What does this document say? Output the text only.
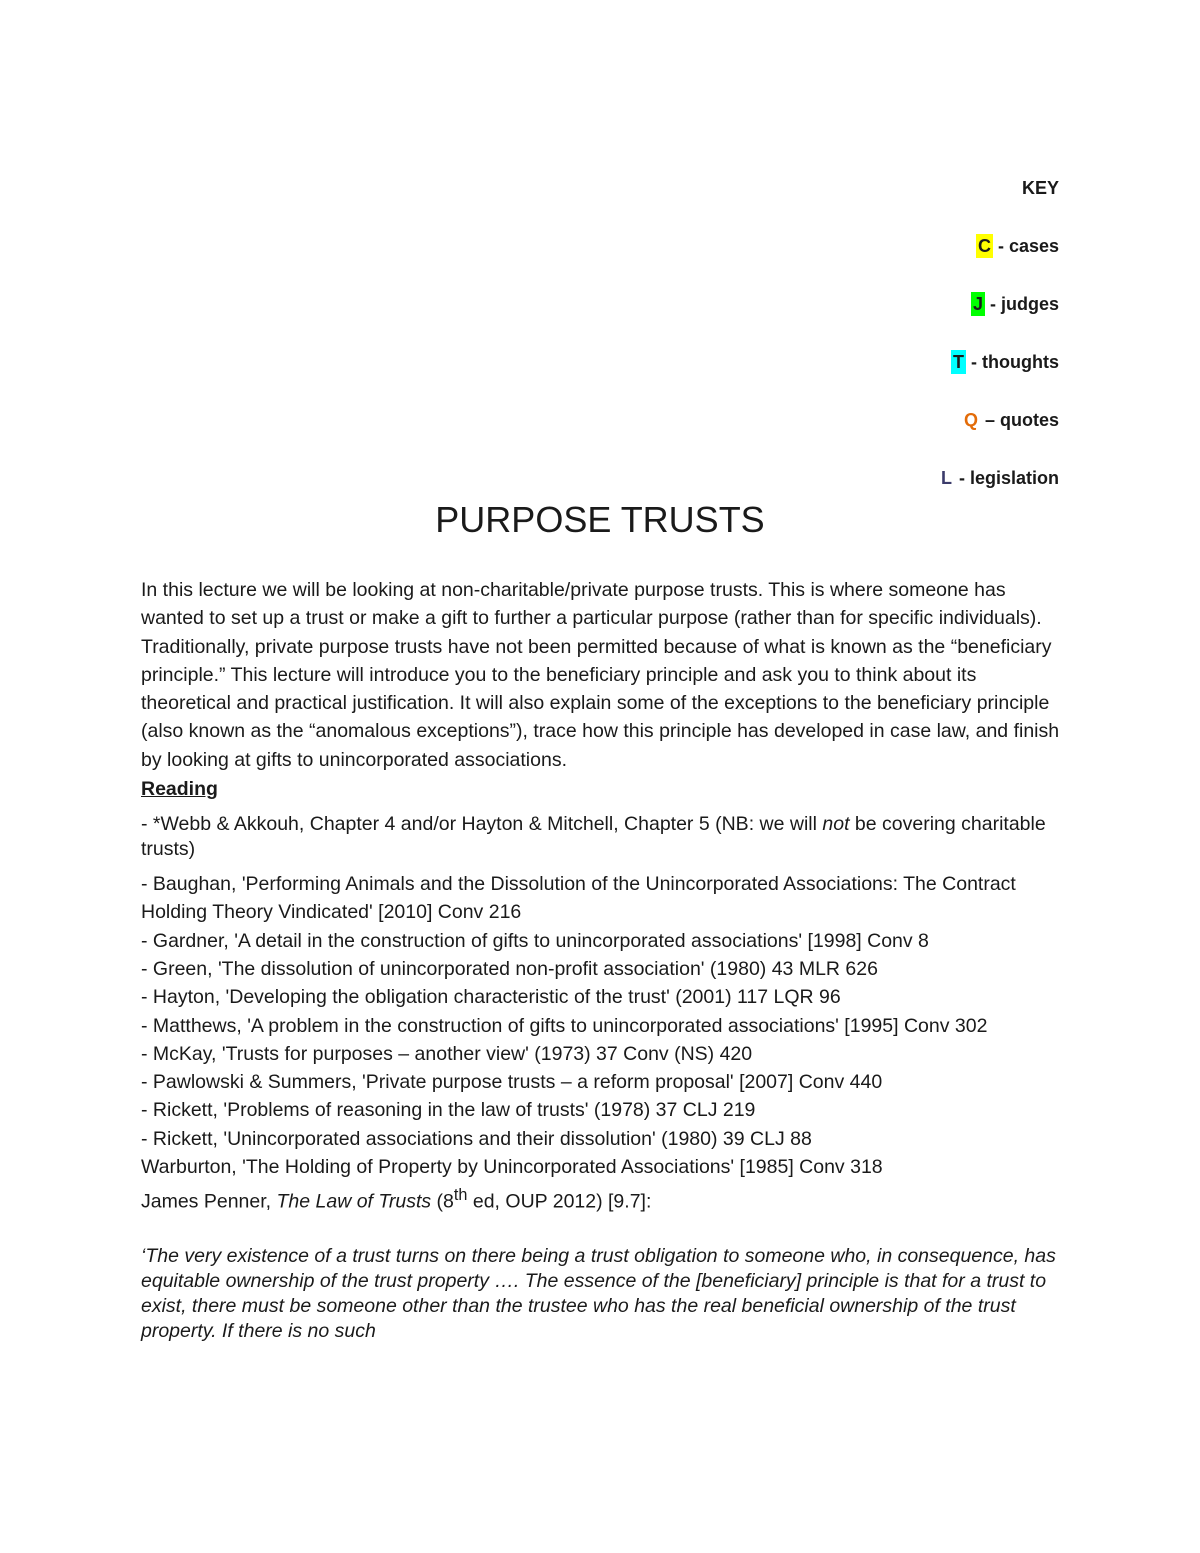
KEY
C - cases
J - judges
T - thoughts
Q – quotes
L - legislation
PURPOSE TRUSTS

In this lecture we will be looking at non-charitable/private purpose trusts. This is where someone has wanted to set up a trust or make a gift to further a particular purpose (rather than for specific individuals). Traditionally, private purpose trusts have not been permitted because of what is known as the “beneficiary principle.” This lecture will introduce you to the beneficiary principle and ask you to think about its theoretical and practical justification. It will also explain some of the exceptions to the beneficiary principle (also known as the “anomalous exceptions”), trace how this principle has developed in case law, and finish by looking at gifts to unincorporated associations.

Reading
- *Webb & Akkouh, Chapter 4 and/or Hayton & Mitchell, Chapter 5 (NB: we will not be covering charitable trusts)
- Baughan, 'Performing Animals and the Dissolution of the Unincorporated Associations: The Contract Holding Theory Vindicated' [2010] Conv 216
- Gardner, 'A detail in the construction of gifts to unincorporated associations' [1998] Conv 8
- Green, 'The dissolution of unincorporated non-profit association' (1980) 43 MLR 626
- Hayton, 'Developing the obligation characteristic of the trust' (2001) 117 LQR 96
- Matthews, 'A problem in the construction of gifts to unincorporated associations' [1995] Conv 302
- McKay, 'Trusts for purposes – another view' (1973) 37 Conv (NS) 420
- Pawlowski & Summers, 'Private purpose trusts – a reform proposal' [2007] Conv 440
- Rickett, 'Problems of reasoning in the law of trusts' (1978) 37 CLJ 219
- Rickett, 'Unincorporated associations and their dissolution' (1980) 39 CLJ 88
Warburton, 'The Holding of Property by Unincorporated Associations' [1985] Conv 318
James Penner, The Law of Trusts (8th ed, OUP 2012) [9.7]:

‘The very existence of a trust turns on there being a trust obligation to someone who, in consequence, has equitable ownership of the trust property …. The essence of the [beneficiary] principle is that for a trust to exist, there must be someone other than the trustee who has the real beneficial ownership of the trust property. If there is no such
